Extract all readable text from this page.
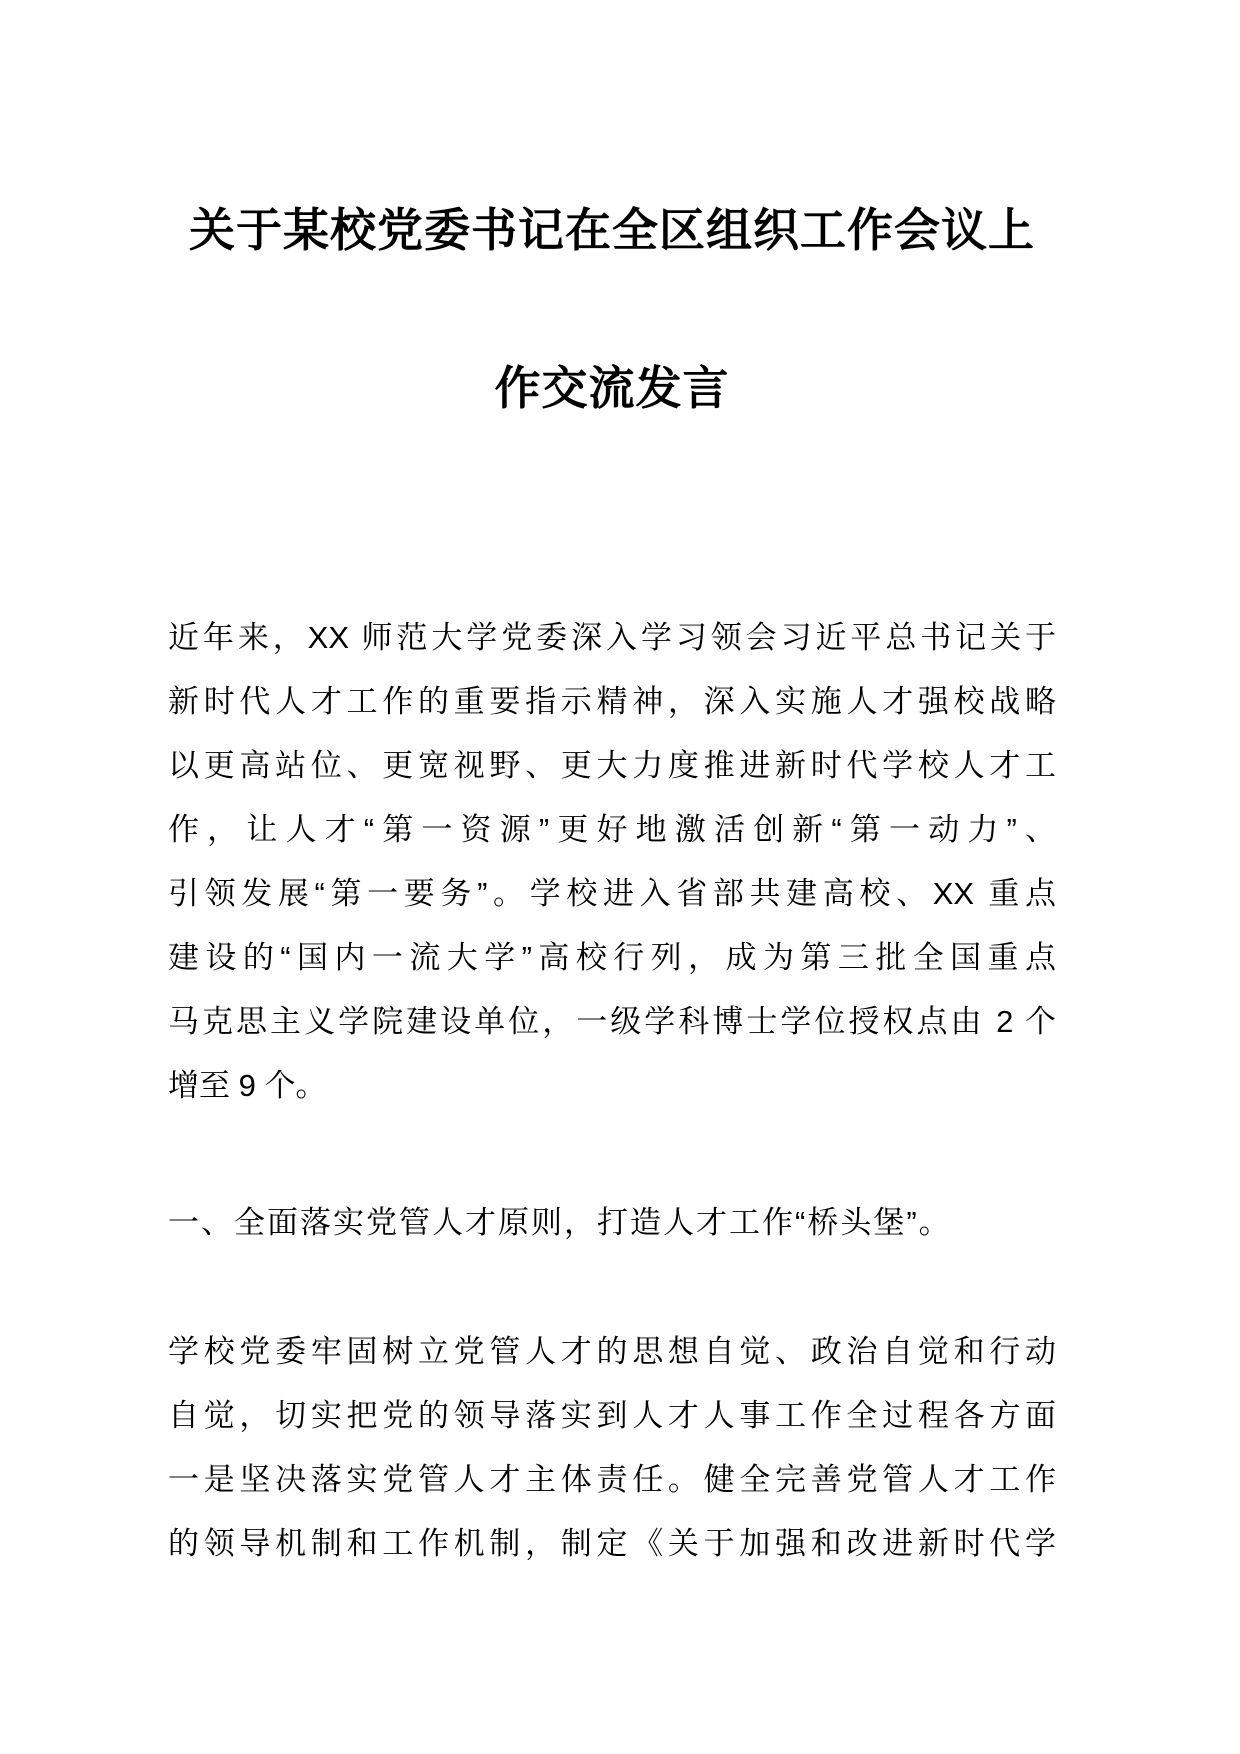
关于某校党委书记在全区组织工作会议上
作交流发言
近年来，XX 师范大学党委深入学习领会习近平总书记关于
新时代人才工作的重要指示精神，深入实施人才强校战略
以更高站位、更宽视野、更大力度推进新时代学校人才工
作，让人才“第一资源”更好地激活创新“第一动力”、
引领发展“第一要务”。学校进入省部共建高校、XX 重点
建设的“国内一流大学”高校行列，成为第三批全国重点
马克思主义学院建设单位，一级学科博士学位授权点由 2 个
增至 9 个。
一、全面落实党管人才原则，打造人才工作“桥头堡”。
学校党委牢固树立党管人才的思想自觉、政治自觉和行动
自觉，切实把党的领导落实到人才人事工作全过程各方面
一是坚决落实党管人才主体责任。健全完善党管人才工作
的领导机制和工作机制，制定《关于加强和改进新时代学
